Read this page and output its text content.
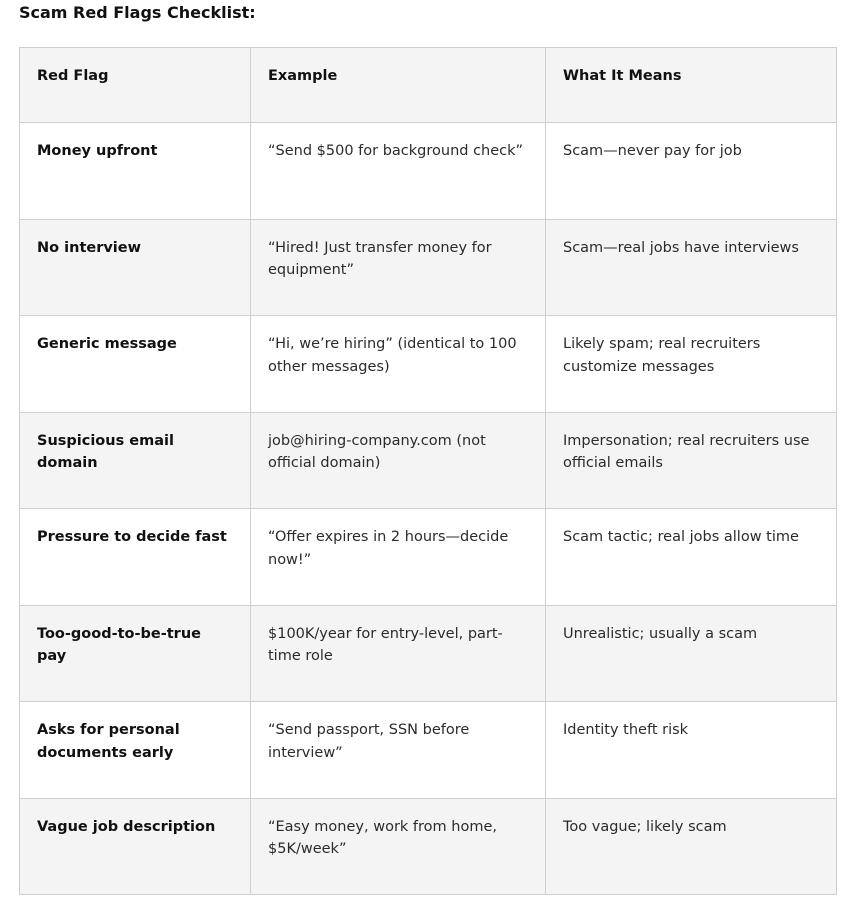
Scam Red Flags Checklist:
Red Flag	Example	What It Means
Money upfront	“Send $500 for background check”	Scam—never pay for job
No interview	“Hired! Just transfer money for equipment”	Scam—real jobs have interviews
Generic message	“Hi, we’re hiring” (identical to 100 other messages)	Likely spam; real recruiters customize messages
Suspicious email domain	job@hiring-company.com (not official domain)	Impersonation; real recruiters use official emails
Pressure to decide fast	“Offer expires in 2 hours—decide now!”	Scam tactic; real jobs allow time
Too-good-to-be-true pay	$100K/year for entry-level, part-time role	Unrealistic; usually a scam
Asks for personal documents early	“Send passport, SSN before interview”	Identity theft risk
Vague job description	“Easy money, work from home, $5K/week”	Too vague; likely scam
